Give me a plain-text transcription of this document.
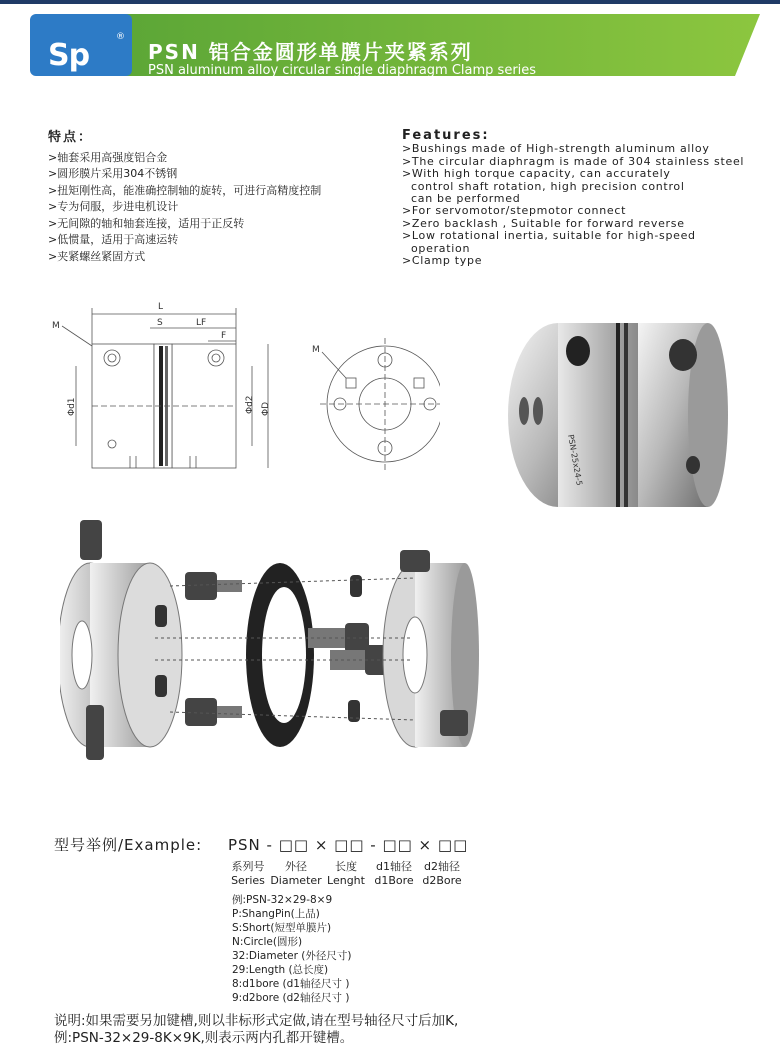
Sp
®
PSN 铝合金圆形单膜片夹紧系列
PSN aluminum alloy circular single diaphragm Clamp series
特点：
>轴套采用高强度铝合金
>圆形膜片采用304不锈钢
>扭矩刚性高，能准确控制轴的旋转，可进行高精度控制
>专为伺服，步进电机设计
>无间隙的轴和轴套连接，适用于正反转
>低惯量，适用于高速运转
>夹紧螺丝紧固方式
Features:
>Bushings made of High-strength aluminum alloy
>The circular diaphragm is made of 304 stainless steel
>With high torque capacity, can accurately
control shaft rotation, high precision control
can be performed
>For servomotor/stepmotor connect
>Zero backlash , Suitable for forward reverse
>Low rotational inertia, suitable for high-speed
operation
>Clamp type
L
S	LF
F
M
Φd1	Φd2 ΦD
M
PSN-25x24-5
型号举例/Example: PSN - □□ × □□ - □□ × □□
系列号
Series
外径
Diameter
长度
Lenght
d1轴径
d1Bore
d2轴径
d2Bore
例:PSN-32×29-8×9
P:ShangPin(上品)
S:Short(短型单膜片)
N:Circle(圆形)
32:Diameter (外径尺寸)
29:Length (总长度)
8:d1bore (d1轴径尺寸 )
9:d2bore (d2轴径尺寸 )
说明:如果需要另加键槽,则以非标形式定做,请在型号轴径尺寸后加K,
例:PSN-32×29-8K×9K,则表示两内孔都开键槽。
